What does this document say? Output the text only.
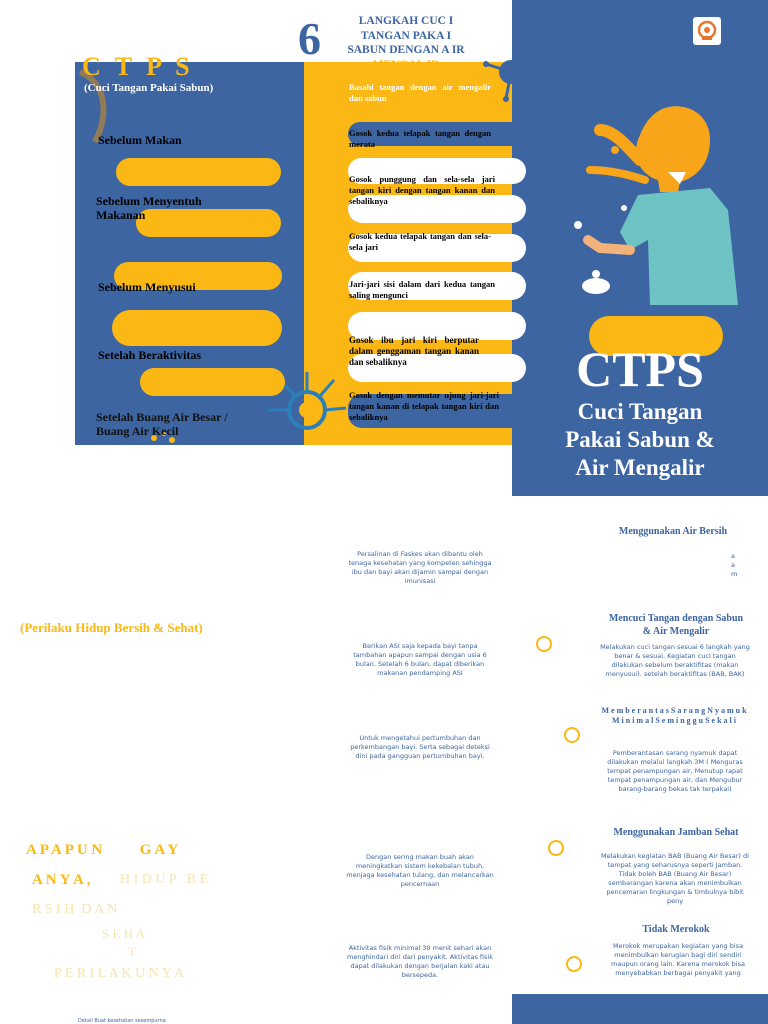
6	LANGKAH CUC I
TANGAN PAKA I
SABUN DENGAN A IR
MENGAL IR
C T P S
(Cuci Tangan Pakai Sabun)
Sebelum Makan
Sebelum Menyentuh Makanan
Sebelum Menyusui
Setelah Beraktivitas
Setelah Buang Air Besar / Buang Air Kecil
Basahi tangan dengan air mengalir dan sabun
Gosok kedua telapak tangan dengan merata
Gosok punggung dan sela-sela jari tangan kiri dengan tangan kanan dan sebaliknya
Gosok kedua telapak tangan dan sela-sela jari
Jari-jari sisi dalam dari kedua tangan saling mengunci
Gosok ibu jari kiri berputar dalam genggaman tangan kanan dan sebaliknya
Gosok dengan memutar ujung jari-jari tangan kanan di telapak tangan kiri dan sebaliknya
CTPS
Cuci Tangan
Pakai Sabun &
Air Mengalir
(Perilaku Hidup Bersih & Sehat)
A P A P U N          G A Y
A N Y A , H I D U P   B E
R S I H  D A N
S E H A
T
P E R I L A K U N Y A
Detail Buat kesehatan sesempurna
Persalinan di Faskes akan dibantu oleh tenaga kesehatan yang kompeten sehingga ibu dan bayi akan dijamin sampai dengan imunisasi
Berikan ASI saja kepada bayi tanpa tambahan apapun sampai dengan usia 6 bulan. Setelah 6 bulan, dapat diberikan makanan pendamping ASI
Untuk mengetahui pertumbuhan dan perkembangan bayi. Serta sebagai deteksi dini pada gangguan pertumbuhan bayi.
Dengan sering makan buah akan meningkatkan sistem kekebalan tubuh, menjaga kesehatan tulang, dan melancarkan pencernaan
Aktivitas fisik minimal 30 menit sehari akan menghindari diri dari penyakit. Aktivitas fisik dapat dilakukan dengan berjalan kaki atau bersepeda.
Menggunakan Air Bersih
a a m
Mencuci Tangan dengan Sabun & Air Mengalir
Melakukan cuci tangan sesuai 6 langkah yang benar & sesuai. Kegiatan cuci tangan dilakukan sebelum beraktifitas (makan menyusui). setelah beraktifitas (BAB, BAK)
M e m b e r a n t a s S a r a n g N y a m u k M i n i m a l S e m i n g g u S e k a l i
Pemberantasan sarang nyamuk dapat dilakukan melalui langkah 3M ( Menguras tempat penampungan air, Menutup rapat tempat penampungan air, dan Mengubur barang-barang bekas tak terpakai)
Menggunakan Jamban Sehat
Melakukan kegiatan BAB (Buang Air Besar) di tempat yang seharusnya seperti Jamban. Tidak boleh BAB (Buang Air Besar) sembarangan karena akan menimbulkan pencemaran lingkungan & timbulnya bibit peny
Tidak Merokok
Merokok merupakan kegiatan yang bisa menimbulkan kerugian bagi diri sendiri maupun orang lain. Karena merokok bisa menyebabkan berbagai penyakit yang
